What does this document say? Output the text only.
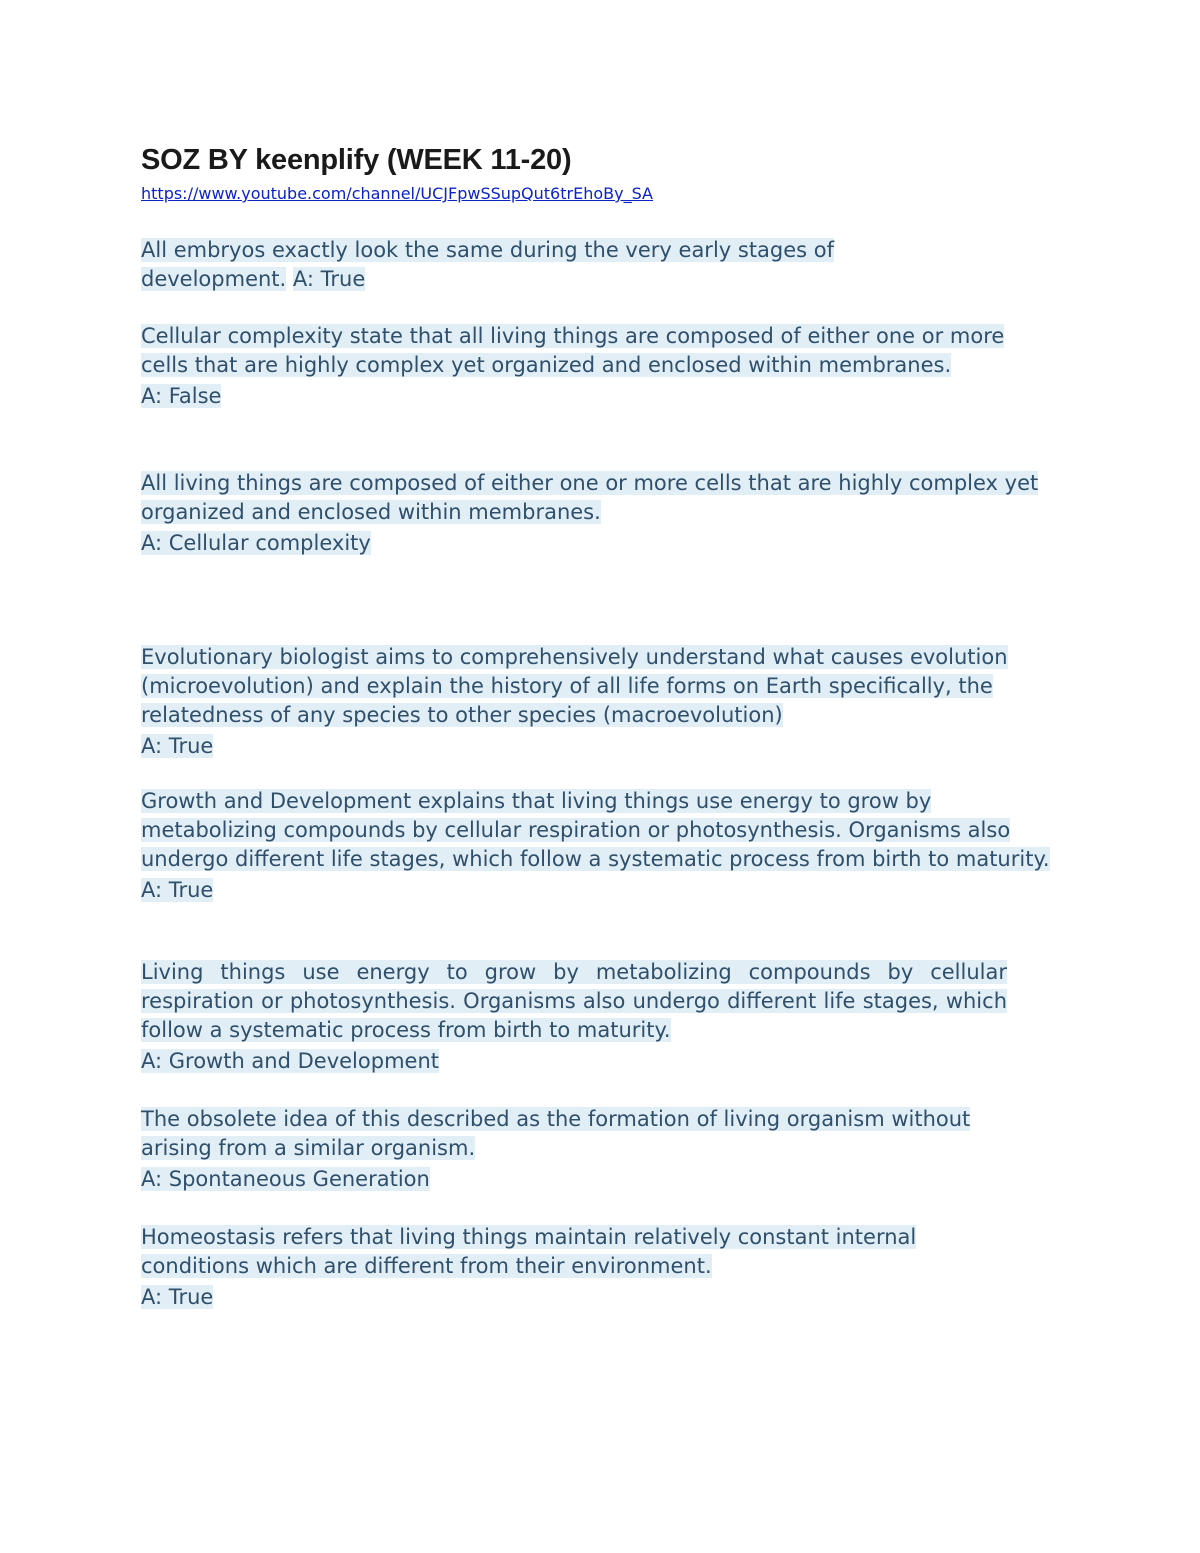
SOZ BY keenplify (WEEK 11-20)
https://www.youtube.com/channel/UCJFpwSSupQut6trEhoBy_SA
All embryos exactly look the same during the very early stages of development. A: True
Cellular complexity state that all living things are composed of either one or more cells that are highly complex yet organized and enclosed within membranes.
A: False
All living things are composed of either one or more cells that are highly complex yet organized and enclosed within membranes.
A: Cellular complexity
Evolutionary biologist aims to comprehensively understand what causes evolution (microevolution) and explain the history of all life forms on Earth specifically, the relatedness of any species to other species (macroevolution)
A: True
Growth and Development explains that living things use energy to grow by metabolizing compounds by cellular respiration or photosynthesis. Organisms also undergo different life stages, which follow a systematic process from birth to maturity.
A: True
Living things use energy to grow by metabolizing compounds by cellular respiration or photosynthesis. Organisms also undergo different life stages, which follow a systematic process from birth to maturity.
A: Growth and Development
The obsolete idea of this described as the formation of living organism without arising from a similar organism.
A: Spontaneous Generation
Homeostasis refers that living things maintain relatively constant internal conditions which are different from their environment.
A: True
